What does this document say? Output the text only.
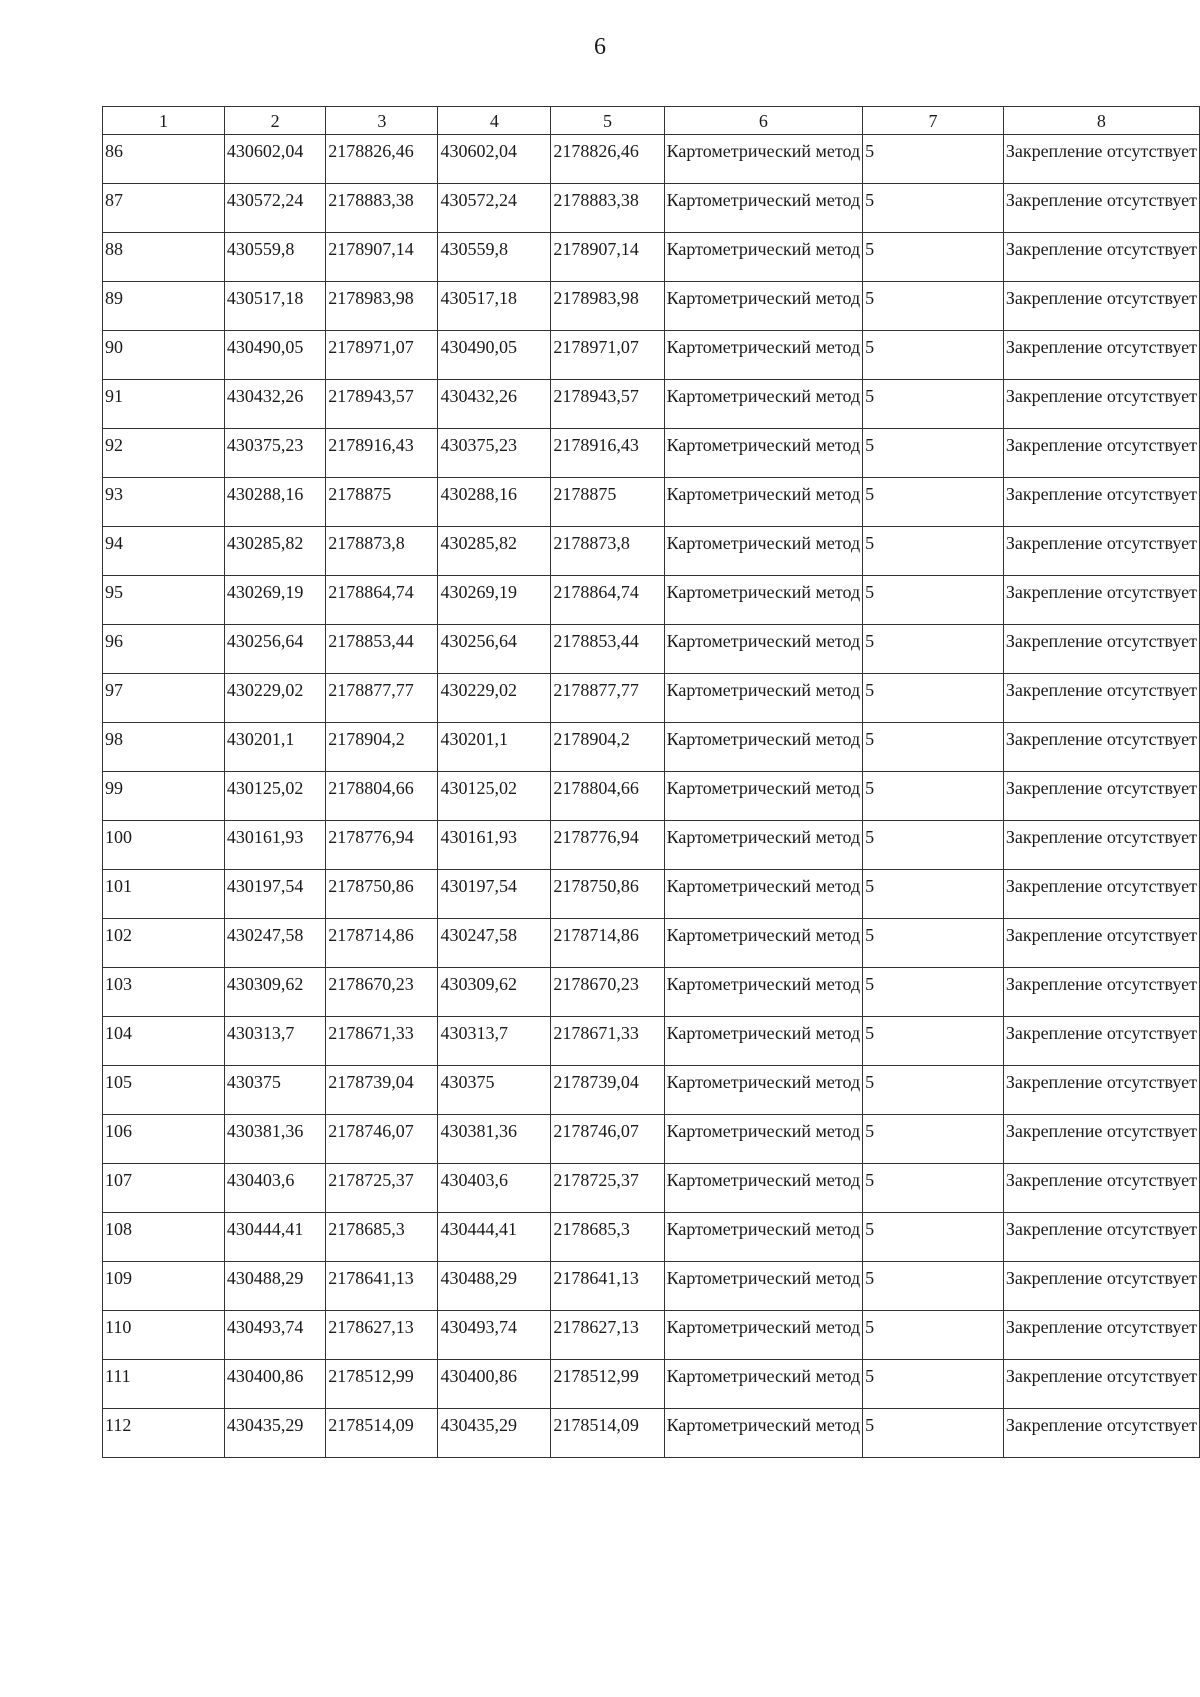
6
1	2	3	4	5	6	7	8
86	430602,04	2178826,46	430602,04	2178826,46	Картометрический метод	5	Закрепление отсутствует
87	430572,24	2178883,38	430572,24	2178883,38	Картометрический метод	5	Закрепление отсутствует
88	430559,8	2178907,14	430559,8	2178907,14	Картометрический метод	5	Закрепление отсутствует
89	430517,18	2178983,98	430517,18	2178983,98	Картометрический метод	5	Закрепление отсутствует
90	430490,05	2178971,07	430490,05	2178971,07	Картометрический метод	5	Закрепление отсутствует
91	430432,26	2178943,57	430432,26	2178943,57	Картометрический метод	5	Закрепление отсутствует
92	430375,23	2178916,43	430375,23	2178916,43	Картометрический метод	5	Закрепление отсутствует
93	430288,16	2178875	430288,16	2178875	Картометрический метод	5	Закрепление отсутствует
94	430285,82	2178873,8	430285,82	2178873,8	Картометрический метод	5	Закрепление отсутствует
95	430269,19	2178864,74	430269,19	2178864,74	Картометрический метод	5	Закрепление отсутствует
96	430256,64	2178853,44	430256,64	2178853,44	Картометрический метод	5	Закрепление отсутствует
97	430229,02	2178877,77	430229,02	2178877,77	Картометрический метод	5	Закрепление отсутствует
98	430201,1	2178904,2	430201,1	2178904,2	Картометрический метод	5	Закрепление отсутствует
99	430125,02	2178804,66	430125,02	2178804,66	Картометрический метод	5	Закрепление отсутствует
100	430161,93	2178776,94	430161,93	2178776,94	Картометрический метод	5	Закрепление отсутствует
101	430197,54	2178750,86	430197,54	2178750,86	Картометрический метод	5	Закрепление отсутствует
102	430247,58	2178714,86	430247,58	2178714,86	Картометрический метод	5	Закрепление отсутствует
103	430309,62	2178670,23	430309,62	2178670,23	Картометрический метод	5	Закрепление отсутствует
104	430313,7	2178671,33	430313,7	2178671,33	Картометрический метод	5	Закрепление отсутствует
105	430375	2178739,04	430375	2178739,04	Картометрический метод	5	Закрепление отсутствует
106	430381,36	2178746,07	430381,36	2178746,07	Картометрический метод	5	Закрепление отсутствует
107	430403,6	2178725,37	430403,6	2178725,37	Картометрический метод	5	Закрепление отсутствует
108	430444,41	2178685,3	430444,41	2178685,3	Картометрический метод	5	Закрепление отсутствует
109	430488,29	2178641,13	430488,29	2178641,13	Картометрический метод	5	Закрепление отсутствует
110	430493,74	2178627,13	430493,74	2178627,13	Картометрический метод	5	Закрепление отсутствует
111	430400,86	2178512,99	430400,86	2178512,99	Картометрический метод	5	Закрепление отсутствует
112	430435,29	2178514,09	430435,29	2178514,09	Картометрический метод	5	Закрепление отсутствует
